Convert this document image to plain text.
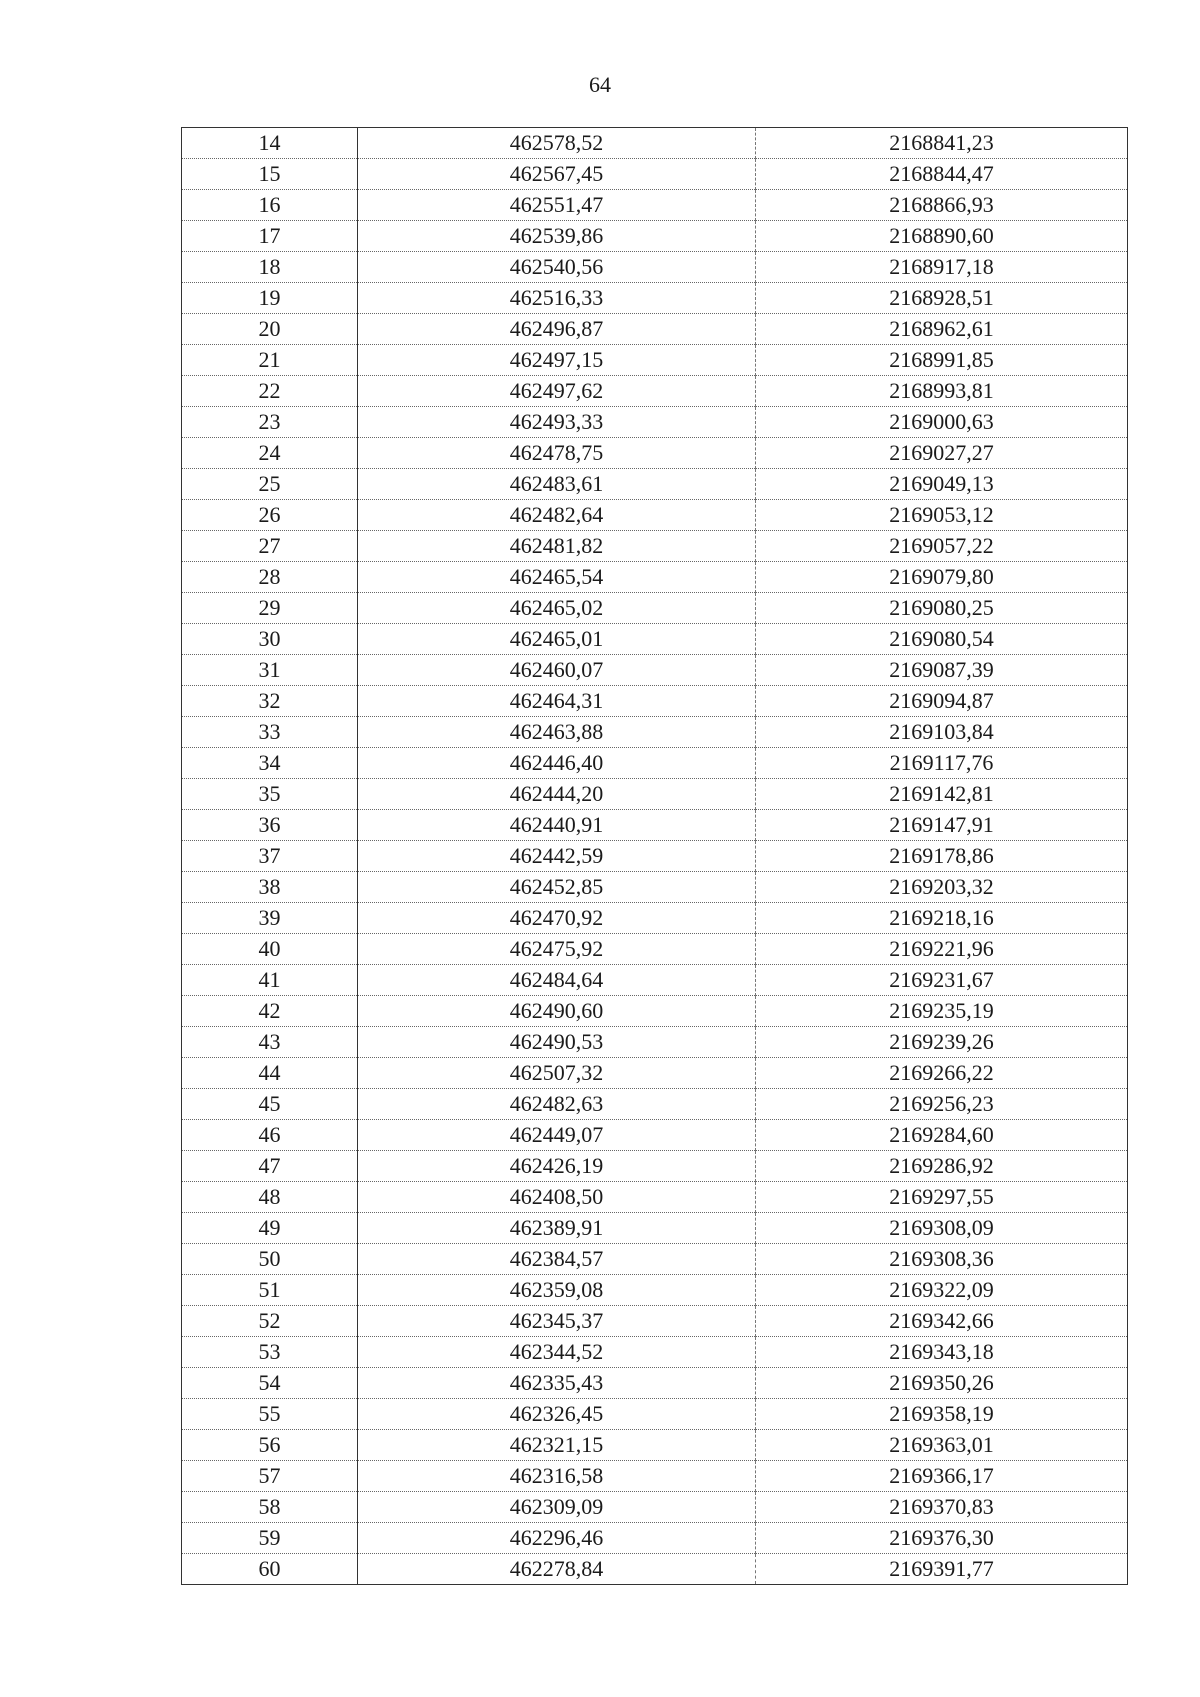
64
14	462578,52	2168841,23
15	462567,45	2168844,47
16	462551,47	2168866,93
17	462539,86	2168890,60
18	462540,56	2168917,18
19	462516,33	2168928,51
20	462496,87	2168962,61
21	462497,15	2168991,85
22	462497,62	2168993,81
23	462493,33	2169000,63
24	462478,75	2169027,27
25	462483,61	2169049,13
26	462482,64	2169053,12
27	462481,82	2169057,22
28	462465,54	2169079,80
29	462465,02	2169080,25
30	462465,01	2169080,54
31	462460,07	2169087,39
32	462464,31	2169094,87
33	462463,88	2169103,84
34	462446,40	2169117,76
35	462444,20	2169142,81
36	462440,91	2169147,91
37	462442,59	2169178,86
38	462452,85	2169203,32
39	462470,92	2169218,16
40	462475,92	2169221,96
41	462484,64	2169231,67
42	462490,60	2169235,19
43	462490,53	2169239,26
44	462507,32	2169266,22
45	462482,63	2169256,23
46	462449,07	2169284,60
47	462426,19	2169286,92
48	462408,50	2169297,55
49	462389,91	2169308,09
50	462384,57	2169308,36
51	462359,08	2169322,09
52	462345,37	2169342,66
53	462344,52	2169343,18
54	462335,43	2169350,26
55	462326,45	2169358,19
56	462321,15	2169363,01
57	462316,58	2169366,17
58	462309,09	2169370,83
59	462296,46	2169376,30
60	462278,84	2169391,77
